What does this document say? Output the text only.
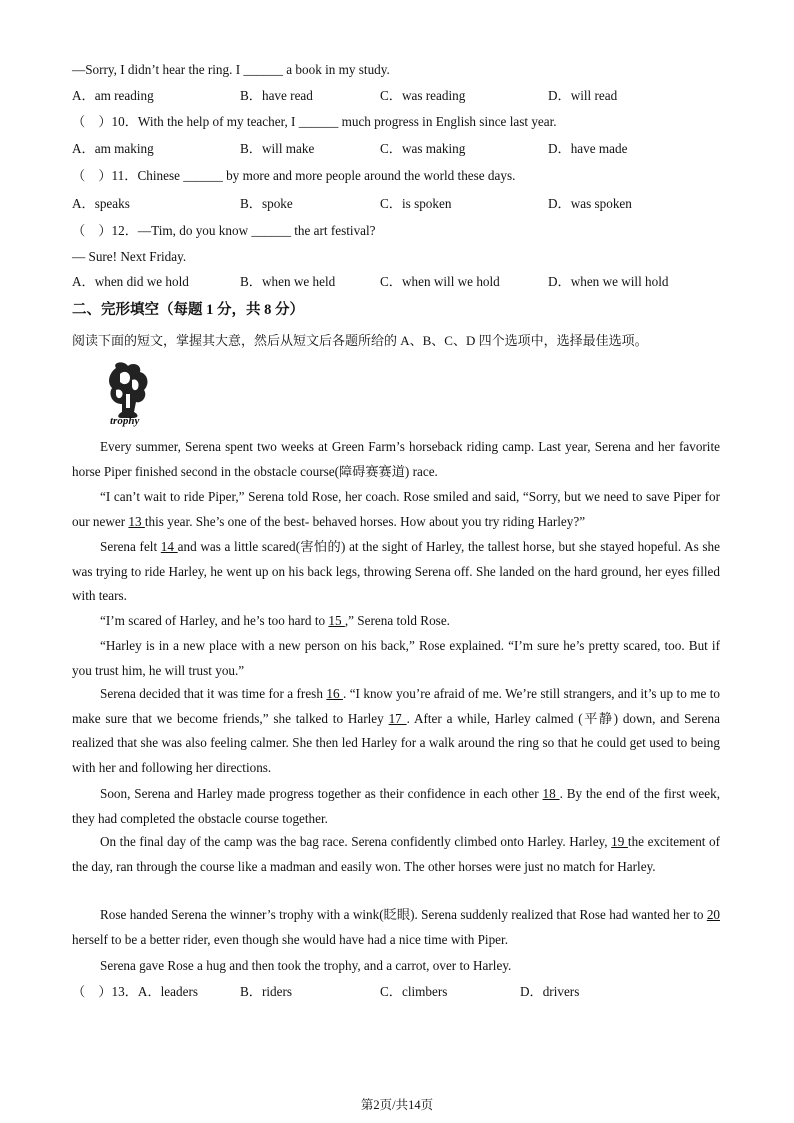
—Sorry, I didn’t hear the ring. I ______ a book in my study.
A．am reading	B．have read	C．was reading	D．will read
（　）10．With the help of my teacher, I ______ much progress in English since last year.
A．am making	B．will make	C．was making	D．have made
（　）11．Chinese ______ by more and more people around the world these days.
A．speaks	B．spoke	C．is spoken	D．was spoken
（　）12．—Tim, do you know ______ the art festival?
— Sure! Next Friday.
A．when did we hold	B．when we held	C．when will we hold	D．when we will hold
二、完形填空（每题 1 分，共 8 分）
阅读下面的短文，掌握其大意，然后从短文后各题所给的 A、B、C、D 四个选项中，选择最佳选项。
trophy
Every summer, Serena spent two weeks at Green Farm’s horseback riding camp. Last year, Serena and her favorite horse Piper finished second in the obstacle course(障碍赛赛道) race.
“I can’t wait to ride Piper,” Serena told Rose, her coach. Rose smiled and said, “Sorry, but we need to save Piper for our newer 13 this year. She’s one of the best- behaved horses. How about you try riding Harley?”
Serena felt 14 and was a little scared(害怕的) at the sight of Harley, the tallest horse, but she stayed hopeful. As she was trying to ride Harley, he went up on his back legs, throwing Serena off. She landed on the hard ground, her eyes filled with tears.
“I’m scared of Harley, and he’s too hard to 15 ,” Serena told Rose.
“Harley is in a new place with a new person on his back,” Rose explained. “I’m sure he’s pretty scared, too. But if you trust him, he will trust you.”
Serena decided that it was time for a fresh 16 . “I know you’re afraid of me. We’re still strangers, and it’s up to me to make sure that we become friends,” she talked to Harley 17 . After a while, Harley calmed (平静) down, and Serena realized that she was also feeling calmer. She then led Harley for a walk around the ring so that he could get used to being with her and following her directions.
Soon, Serena and Harley made progress together as their confidence in each other 18 . By the end of the first week, they had completed the obstacle course together.
On the final day of the camp was the bag race. Serena confidently climbed onto Harley. Harley, 19 the excitement of the day, ran through the course like a madman and easily won. The other horses were just no match for Harley.
Rose handed Serena the winner’s trophy with a wink(眨眼). Serena suddenly realized that Rose had wanted her to 20 herself to be a better rider, even though she would have had a nice time with Piper.
Serena gave Rose a hug and then took the trophy, and a carrot, over to Harley.
（　）13．A．leaders	B．riders	C．climbers	D．drivers
第2页/共14页
